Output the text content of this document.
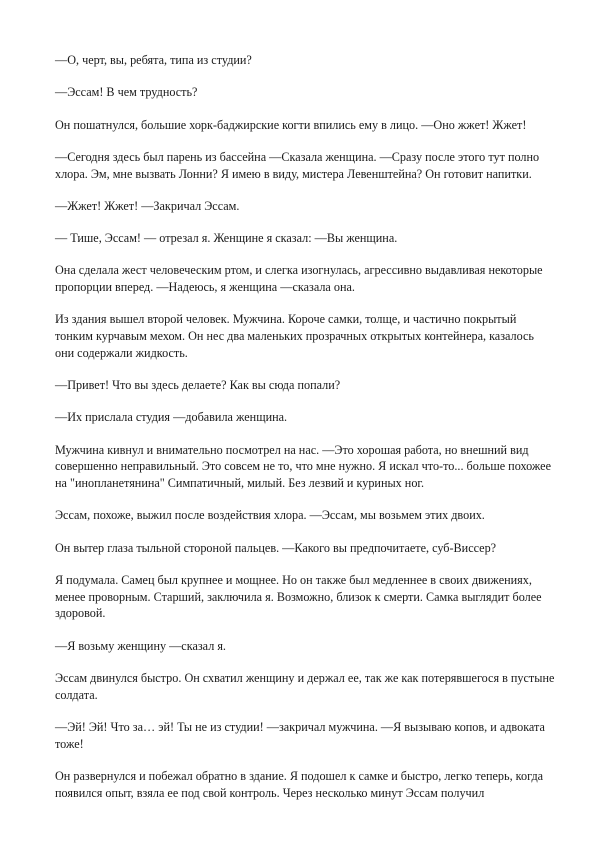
—О, черт, вы, ребята, типа из студии?

—Эссам! В чем трудность?

Он пошатнулся, большие хорк-баджирские когти впились ему в лицо. —Оно жжет! Жжет!

—Сегодня здесь был парень из бассейна —Сказала женщина. —Сразу после этого тут полно хлора. Эм, мне вызвать Лонни? Я имею в виду, мистера Левенштейна? Он готовит напитки.

—Жжет! Жжет! —Закричал Эссам.

— Тише, Эссам! — отрезал я. Женщине я сказал: —Вы женщина.

Она сделала жест человеческим ртом, и слегка изогнулась, агрессивно выдавливая некоторые пропорции вперед. —Надеюсь, я женщина —сказала она.

Из здания вышел второй человек. Мужчина. Короче самки, толще, и частично покрытый тонким курчавым мехом. Он нес два маленьких прозрачных открытых контейнера, казалось они содержали жидкость.

—Привет! Что вы здесь делаете? Как вы сюда попали?

—Их прислала студия —добавила женщина.

Мужчина кивнул и внимательно посмотрел на нас. —Это хорошая работа, но внешний вид совершенно неправильный. Это совсем не то, что мне нужно. Я искал что-то... больше похожее на "инопланетянина" Симпатичный, милый. Без лезвий и куриных ног.

Эссам, похоже, выжил после воздействия хлора. —Эссам, мы возьмем этих двоих.

Он вытер глаза тыльной стороной пальцев. —Какого вы предпочитаете, суб-Виссер?

Я подумала. Самец был крупнее и мощнее. Но он также был медленнее в своих движениях, менее проворным. Старший, заключила я. Возможно, близок к смерти. Самка выглядит более здоровой.

—Я возьму женщину —сказал я.

Эссам двинулся быстро. Он схватил женщину и держал ее, так же как потерявшегося в пустыне солдата.

—Эй! Эй! Что за… эй! Ты не из студии! —закричал мужчина. —Я вызываю копов, и адвоката тоже!

Он развернулся и побежал обратно в здание. Я подошел к самке и быстро, легко теперь, когда появился опыт, взяла ее под свой контроль. Через несколько минут Эссам получил
